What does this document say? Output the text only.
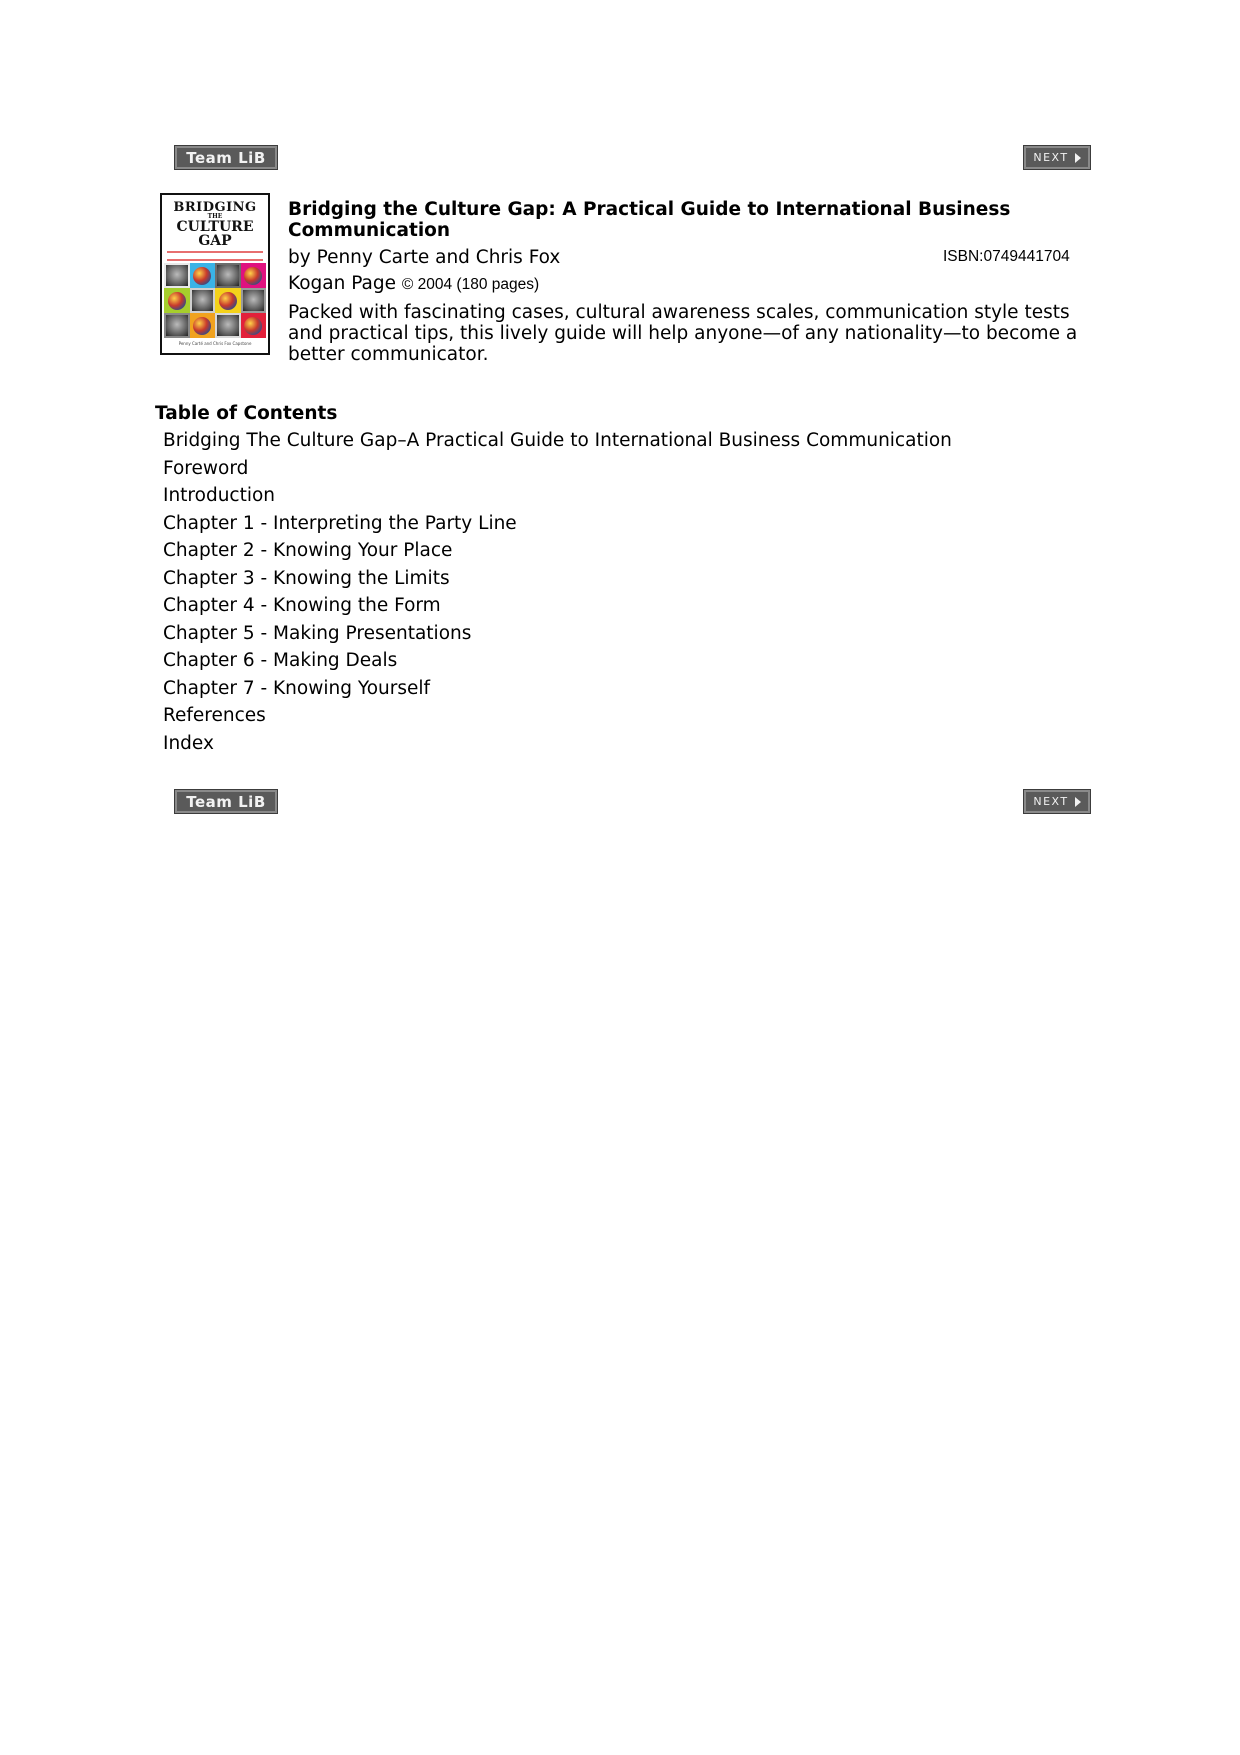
Team LiB	NEXT
BRIDGING
THE
CULTURE
GAP
Penny Carté and Chris Fox Capstone
Bridging the Culture Gap: A Practical Guide to International Business Communication
by Penny Carte and Chris Fox	ISBN:0749441704
Kogan Page © 2004 (180 pages)
Packed with fascinating cases, cultural awareness scales, communication style tests and practical tips, this lively guide will help anyone—of any nationality—to become a better communicator.
Table of Contents
Bridging The Culture Gap–A Practical Guide to International Business Communication
Foreword
Introduction
Chapter 1 - Interpreting the Party Line
Chapter 2 - Knowing Your Place
Chapter 3 - Knowing the Limits
Chapter 4 - Knowing the Form
Chapter 5 - Making Presentations
Chapter 6 - Making Deals
Chapter 7 - Knowing Yourself
References
Index
Team LiB	NEXT
